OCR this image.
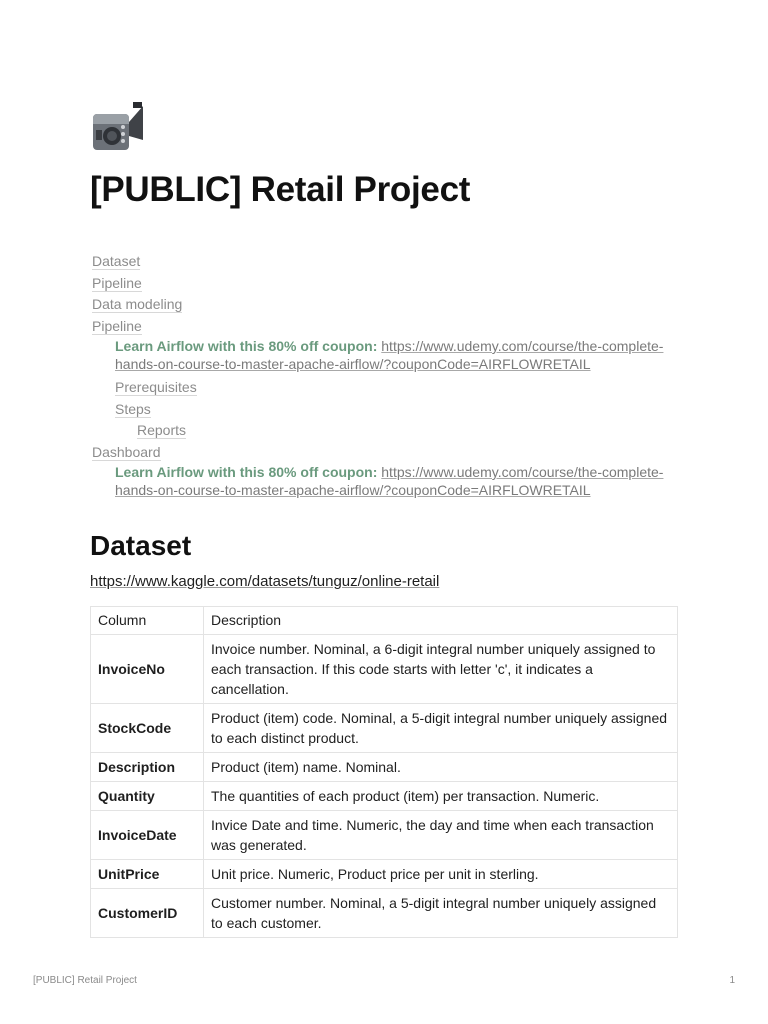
[PUBLIC] Retail Project
Dataset
Pipeline
Data modeling
Pipeline
Learn Airflow with this 80% off coupon: https://www.udemy.com/course/the-complete-hands-on-course-to-master-apache-airflow/?couponCode=AIRFLOWRETAIL
Prerequisites
Steps
Reports
Dashboard
Learn Airflow with this 80% off coupon: https://www.udemy.com/course/the-complete-hands-on-course-to-master-apache-airflow/?couponCode=AIRFLOWRETAIL
Dataset
https://www.kaggle.com/datasets/tunguz/online-retail
Column	Description
InvoiceNo	Invoice number. Nominal, a 6-digit integral number uniquely assigned to each transaction. If this code starts with letter 'c', it indicates a cancellation.
StockCode	Product (item) code. Nominal, a 5-digit integral number uniquely assigned to each distinct product.
Description	Product (item) name. Nominal.
Quantity	The quantities of each product (item) per transaction. Numeric.
InvoiceDate	Invice Date and time. Numeric, the day and time when each transaction was generated.
UnitPrice	Unit price. Numeric, Product price per unit in sterling.
CustomerID	Customer number. Nominal, a 5-digit integral number uniquely assigned to each customer.
[PUBLIC] Retail Project	1
